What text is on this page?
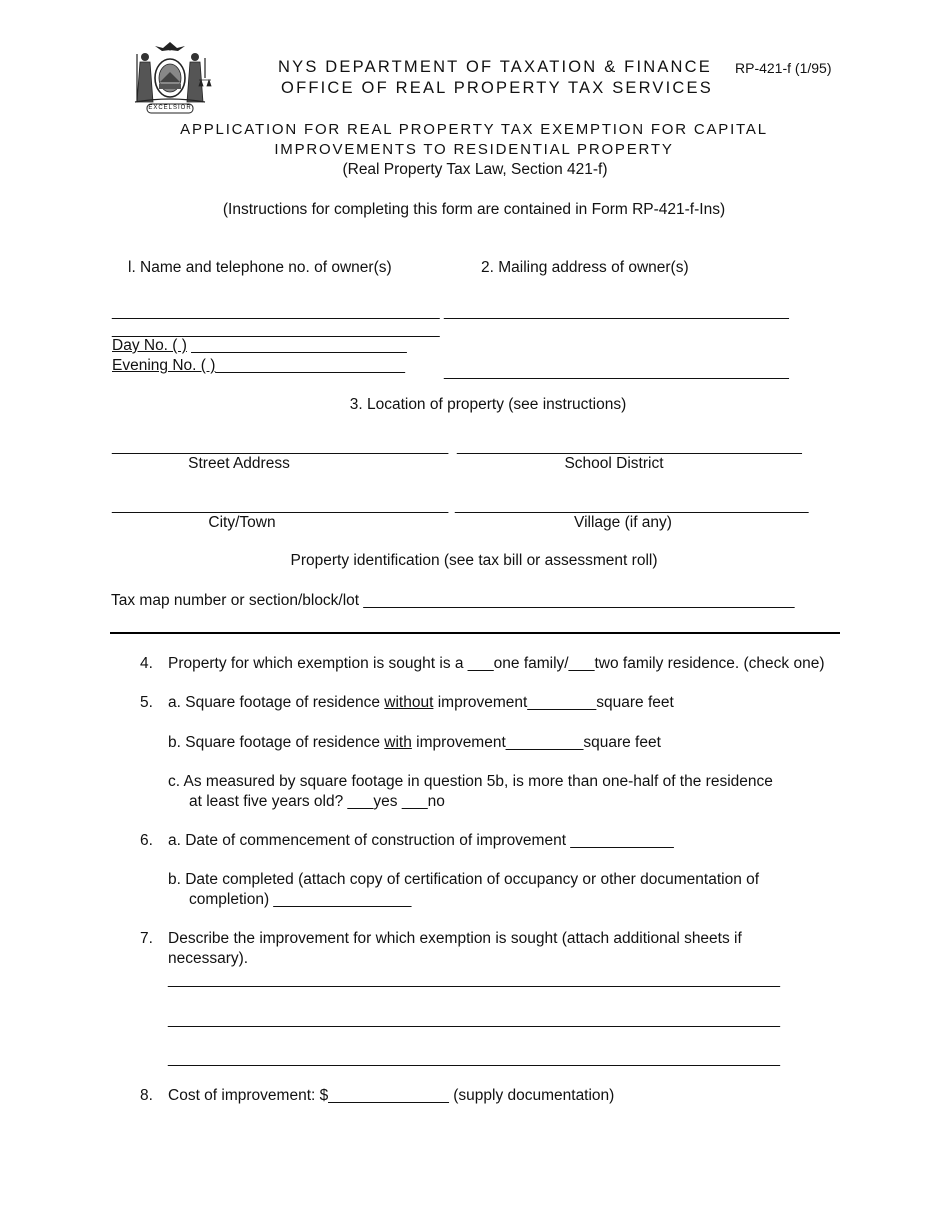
EXCELSIOR
NYS DEPARTMENT OF TAXATION & FINANCE
OFFICE OF REAL PROPERTY TAX SERVICES
RP-421-f (1/95)
APPLICATION FOR REAL PROPERTY TAX EXEMPTION FOR CAPITAL
IMPROVEMENTS TO RESIDENTIAL PROPERTY
(Real Property Tax Law, Section 421-f)
(Instructions for completing this form are contained in Form RP-421-f-Ins)
l. Name and telephone no. of owner(s)	2. Mailing address of owner(s)
______________________________________
______________________________________
Day No. ( ) _________________________
Evening No. ( )______________________
________________________________________
________________________________________
3. Location of property (see instructions)
_______________________________________
Street Address
________________________________________
School District
_______________________________________
City/Town
_________________________________________
Village (if any)
Property identification (see tax bill or assessment roll)
Tax map number or section/block/lot __________________________________________________
4. Property for which exemption is sought is a ___one family/___two family residence. (check one)
5. a. Square footage of residence without improvement________square feet
b. Square footage of residence with improvement_________square feet
c. As measured by square footage in question 5b, is more than one-half of the residence
at least five years old? ___yes ___no
6. a. Date of commencement of construction of improvement ____________
b. Date completed (attach copy of certification of occupancy or other documentation of
completion) ________________
7. Describe the improvement for which exemption is sought (attach additional sheets if
necessary).
_______________________________________________________________________
_______________________________________________________________________
_______________________________________________________________________
8. Cost of improvement: $______________ (supply documentation)
